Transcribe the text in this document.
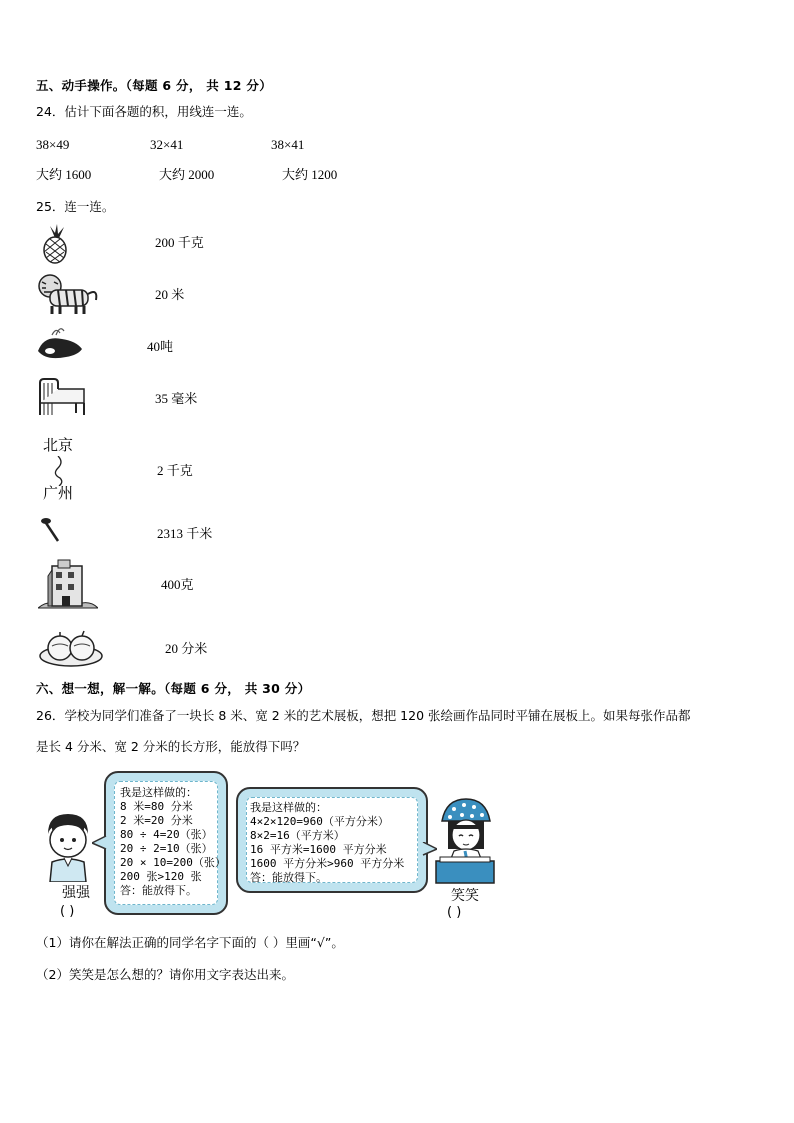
五、动手操作。（每题 6 分， 共 12 分）
24．估计下面各题的积，用线连一连。
38×49	32×41	38×41
大约 1600	大约 2000	大约 1200
25．连一连。
200 千克
20 米
40吨
35 毫米
北京
广州
2 千克
2313 千米
400克
20 分米
六、想一想，解一解。（每题 6 分， 共 30 分）
26．学校为同学们准备了一块长 8 米、宽 2 米的艺术展板，想把 120 张绘画作品同时平铺在展板上。如果每张作品都
是长 4 分米、宽 2 分米的长方形，能放得下吗？
强强
( )
我是这样做的：
8 米=80 分米
2 米=20 分米
80 ÷ 4=20（张）
20 ÷ 2=10（张）
20 × 10=200（张）
200 张>120 张
答：能放得下。
我是这样做的：
4×2×120=960（平方分米）
8×2=16（平方米）
16 平方米=1600 平方分米
1600 平方分米>960 平方分米
答：能放得下。
笑笑
( )
（1）请你在解法正确的同学名字下面的（ ）里画“√”。
（2）笑笑是怎么想的？请你用文字表达出来。
